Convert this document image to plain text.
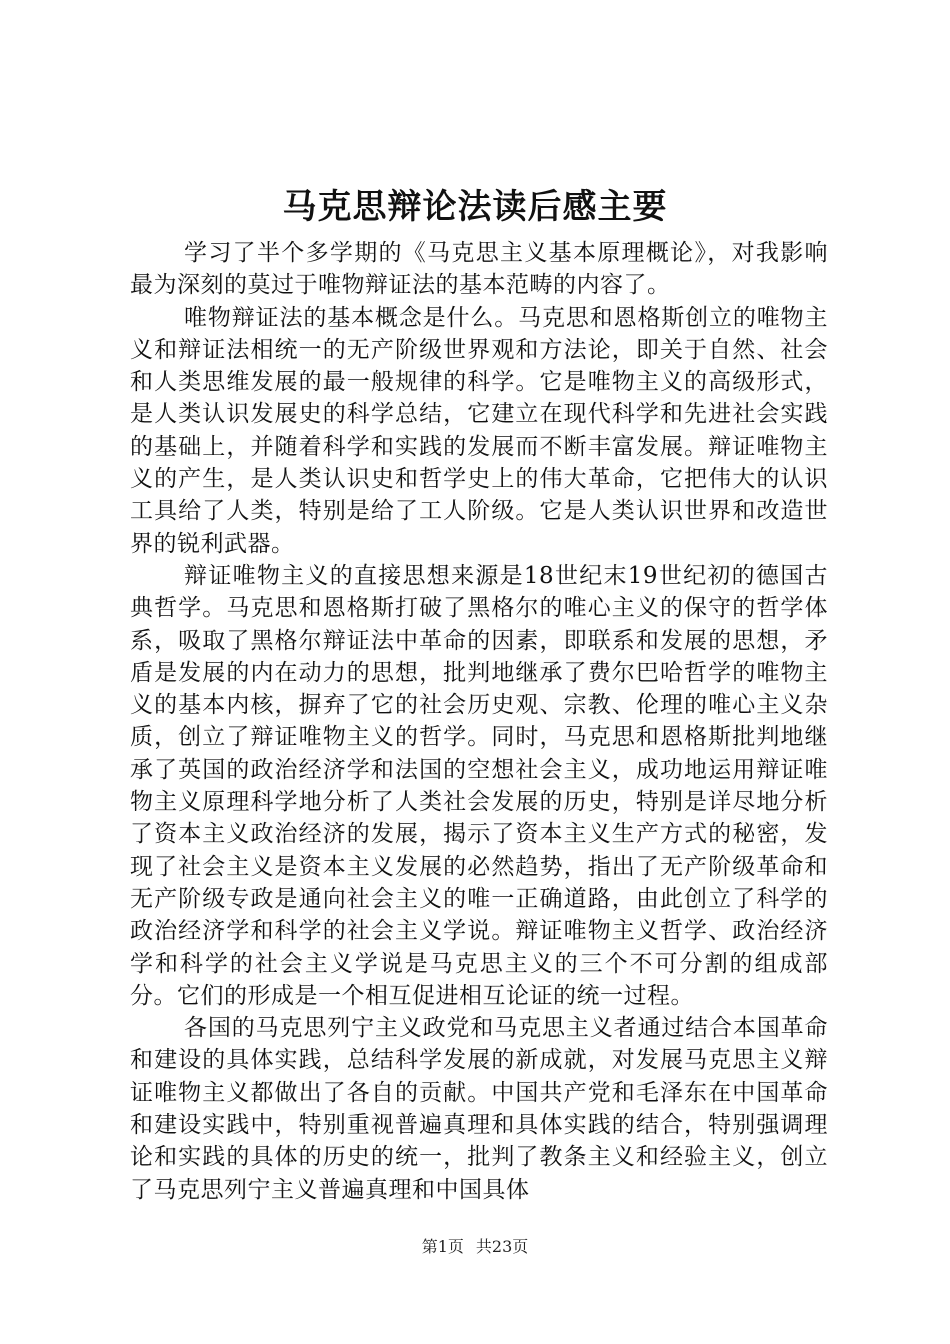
马克思辩论法读后感主要

学习了半个多学期的《马克思主义基本原理概论》，对我影响最为深刻的莫过于唯物辩证法的基本范畴的内容了。

唯物辩证法的基本概念是什么。马克思和恩格斯创立的唯物主义和辩证法相统一的无产阶级世界观和方法论，即关于自然、社会和人类思维发展的最一般规律的科学。它是唯物主义的高级形式，是人类认识发展史的科学总结，它建立在现代科学和先进社会实践的基础上，并随着科学和实践的发展而不断丰富发展。辩证唯物主义的产生，是人类认识史和哲学史上的伟大革命，它把伟大的认识工具给了人类，特别是给了工人阶级。它是人类认识世界和改造世界的锐利武器。

辩证唯物主义的直接思想来源是18世纪末19世纪初的德国古典哲学。马克思和恩格斯打破了黑格尔的唯心主义的保守的哲学体系，吸取了黑格尔辩证法中革命的因素，即联系和发展的思想，矛盾是发展的内在动力的思想，批判地继承了费尔巴哈哲学的唯物主义的基本内核，摒弃了它的社会历史观、宗教、伦理的唯心主义杂质，创立了辩证唯物主义的哲学。同时，马克思和恩格斯批判地继承了英国的政治经济学和法国的空想社会主义，成功地运用辩证唯物主义原理科学地分析了人类社会发展的历史，特别是详尽地分析了资本主义政治经济的发展，揭示了资本主义生产方式的秘密，发现了社会主义是资本主义发展的必然趋势，指出了无产阶级革命和无产阶级专政是通向社会主义的唯一正确道路，由此创立了科学的政治经济学和科学的社会主义学说。辩证唯物主义哲学、政治经济学和科学的社会主义学说是马克思主义的三个不可分割的组成部分。它们的形成是一个相互促进相互论证的统一过程。

各国的马克思列宁主义政党和马克思主义者通过结合本国革命和建设的具体实践，总结科学发展的新成就，对发展马克思主义辩证唯物主义都做出了各自的贡献。中国共产党和毛泽东在中国革命和建设实践中，特别重视普遍真理和具体实践的结合，特别强调理论和实践的具体的历史的统一，批判了教条主义和经验主义，创立了马克思列宁主义普遍真理和中国具体

第1页 共23页
